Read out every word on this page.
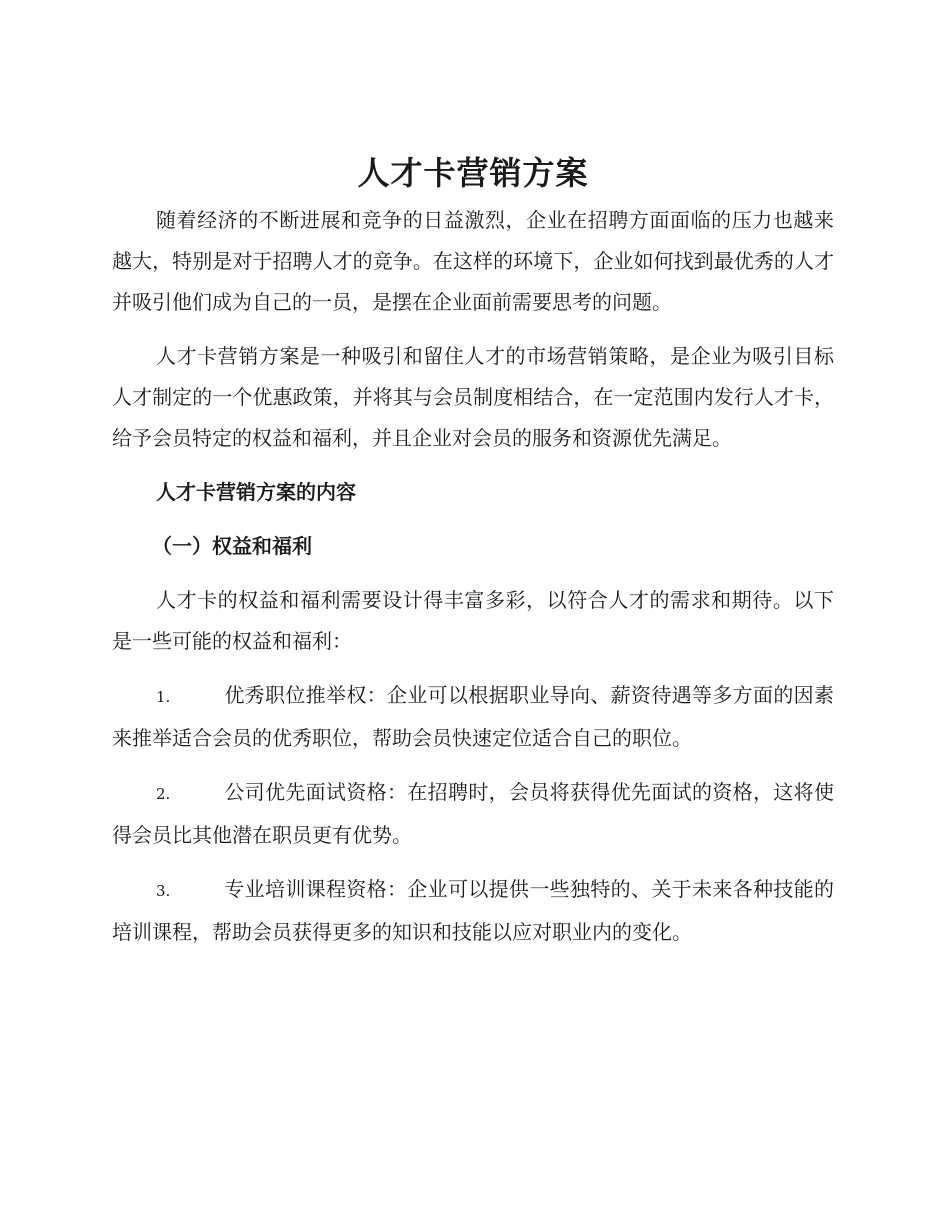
人才卡营销方案

随着经济的不断进展和竞争的日益激烈，企业在招聘方面面临的压力也越来越大，特别是对于招聘人才的竞争。在这样的环境下，企业如何找到最优秀的人才并吸引他们成为自己的一员，是摆在企业面前需要思考的问题。

人才卡营销方案是一种吸引和留住人才的市场营销策略，是企业为吸引目标人才制定的一个优惠政策，并将其与会员制度相结合，在一定范围内发行人才卡，给予会员特定的权益和福利，并且企业对会员的服务和资源优先满足。

人才卡营销方案的内容
（一）权益和福利

人才卡的权益和福利需要设计得丰富多彩，以符合人才的需求和期待。以下是一些可能的权益和福利：

1.	优秀职位推举权：企业可以根据职业导向、薪资待遇等多方面的因素来推举适合会员的优秀职位，帮助会员快速定位适合自己的职位。
2.	公司优先面试资格：在招聘时，会员将获得优先面试的资格，这将使得会员比其他潜在职员更有优势。
3.	专业培训课程资格：企业可以提供一些独特的、关于未来各种技能的培训课程，帮助会员获得更多的知识和技能以应对职业内的变化。
